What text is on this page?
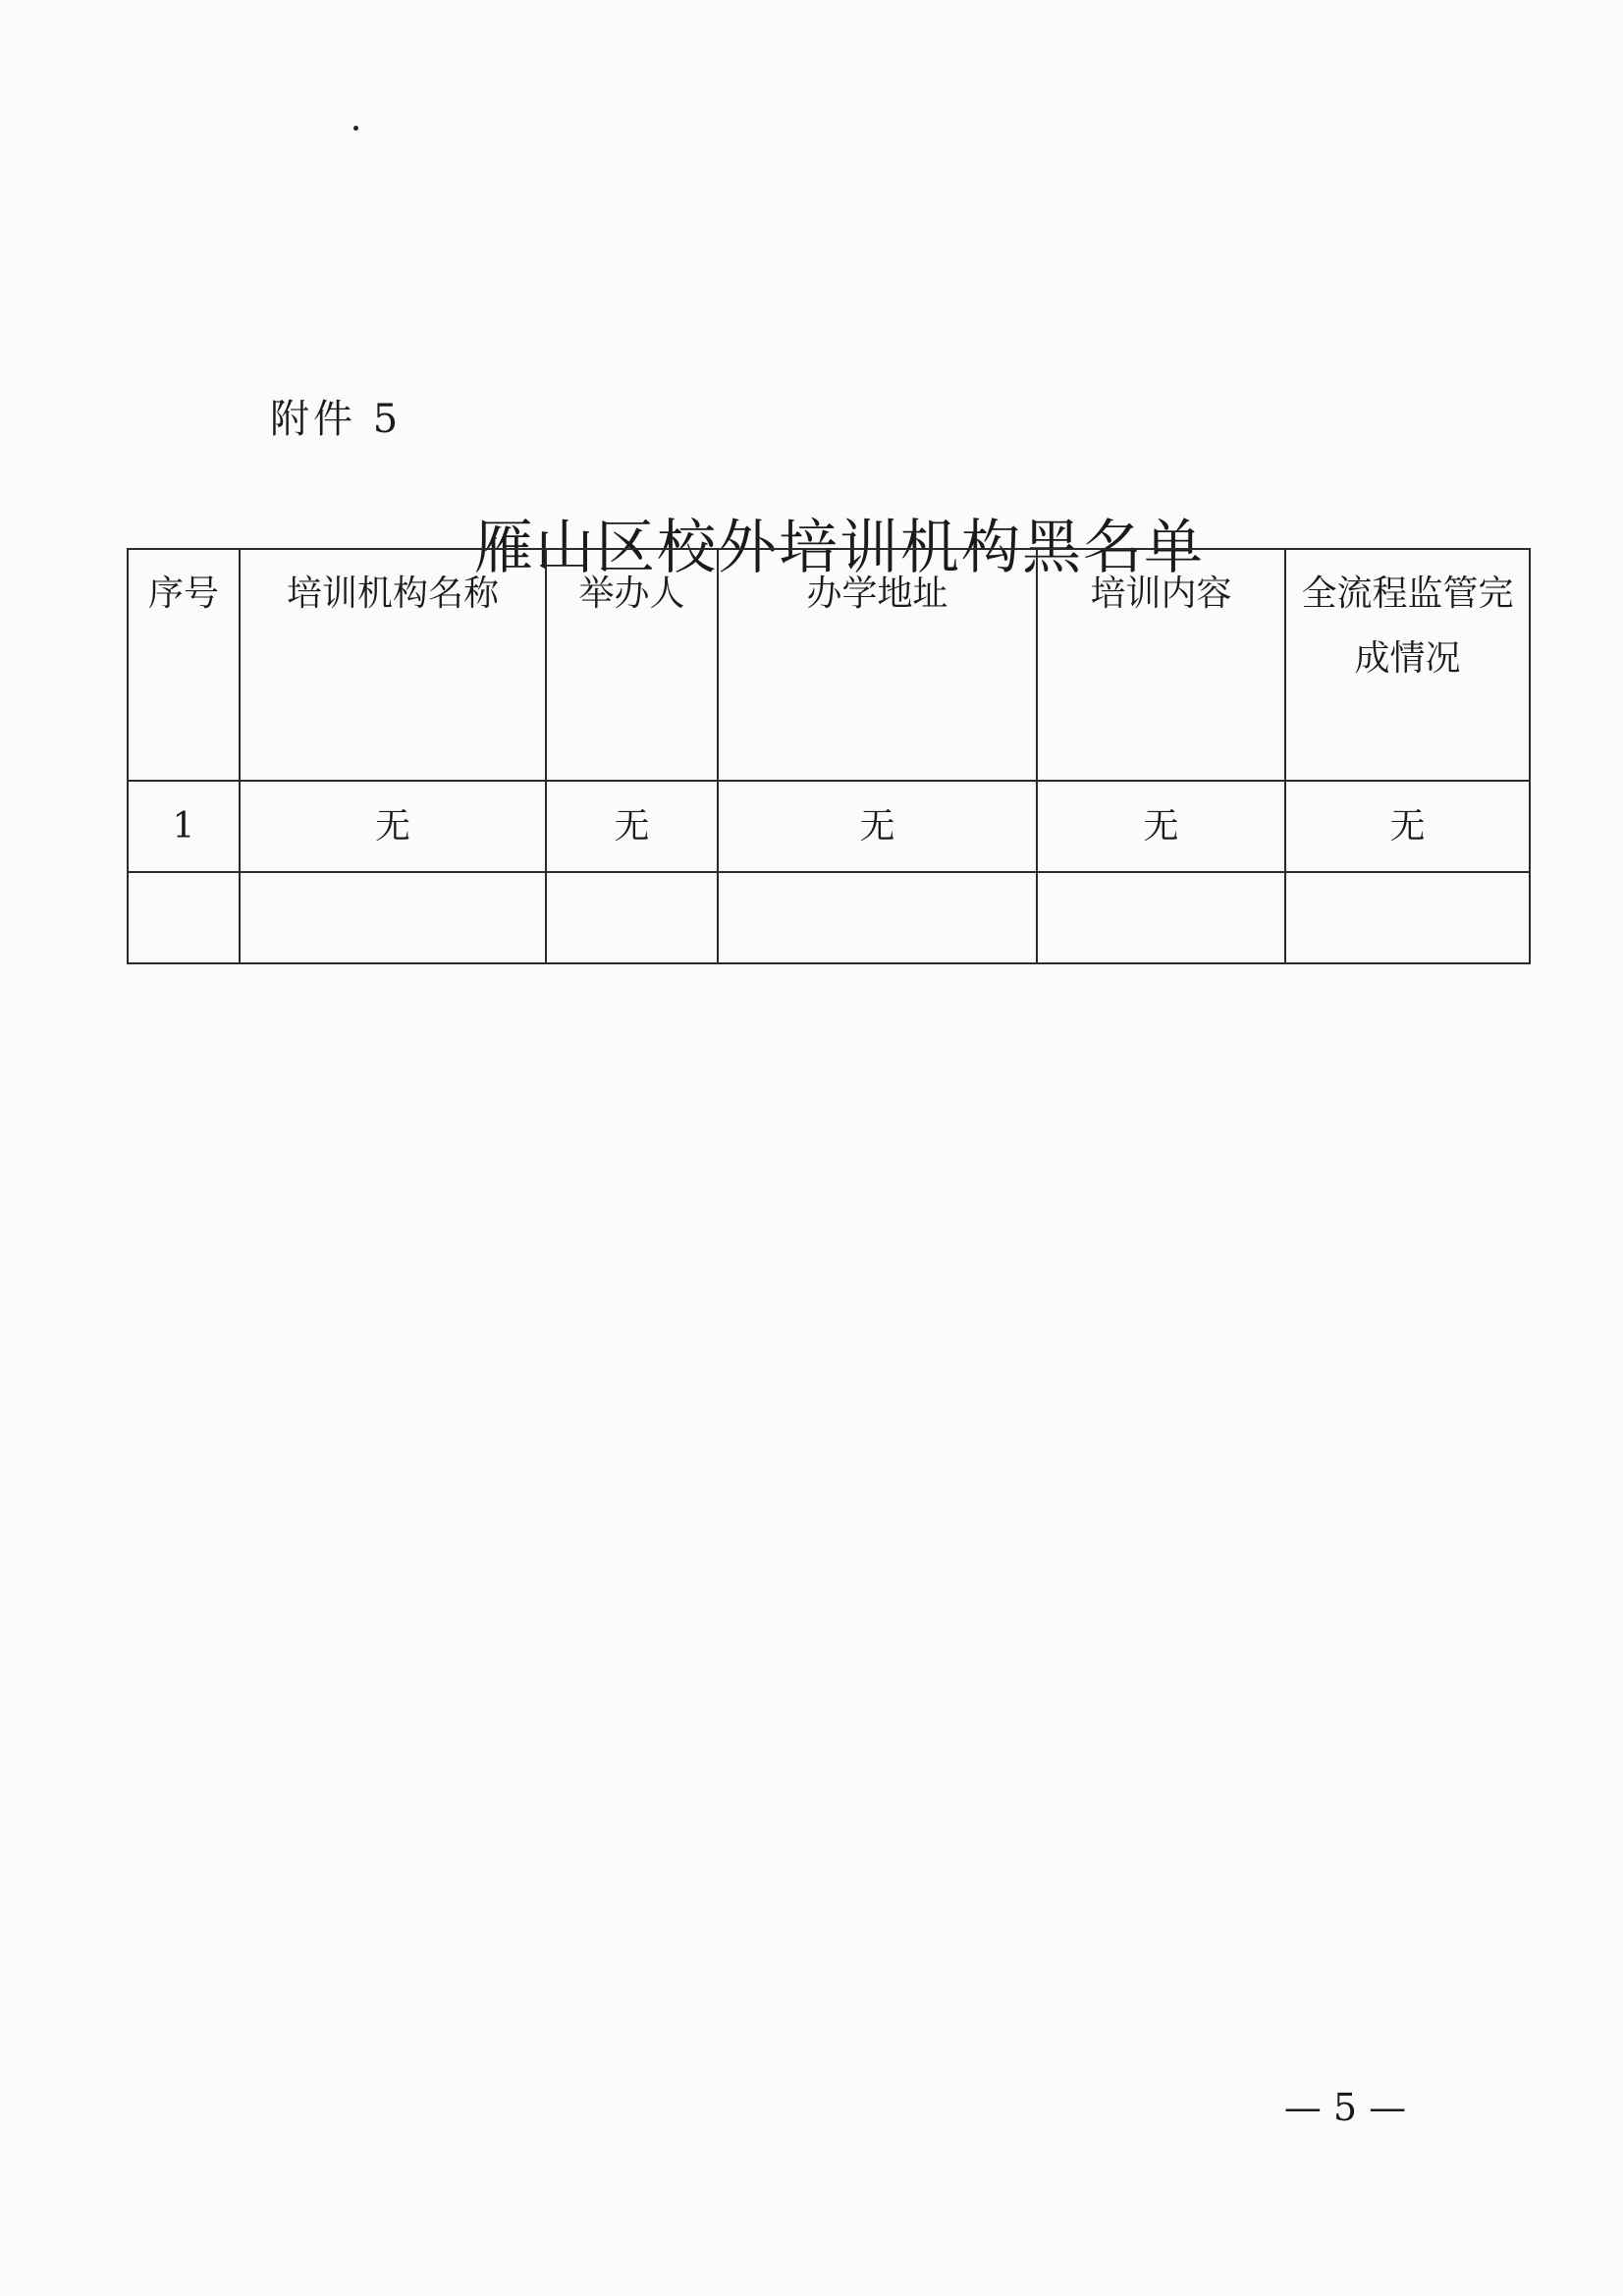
附件 5
雁山区校外培训机构黑名单
序号	培训机构名称	举办人	办学地址	培训内容	全流程监管完成情况
1	无	无	无	无	无

— 5 —
